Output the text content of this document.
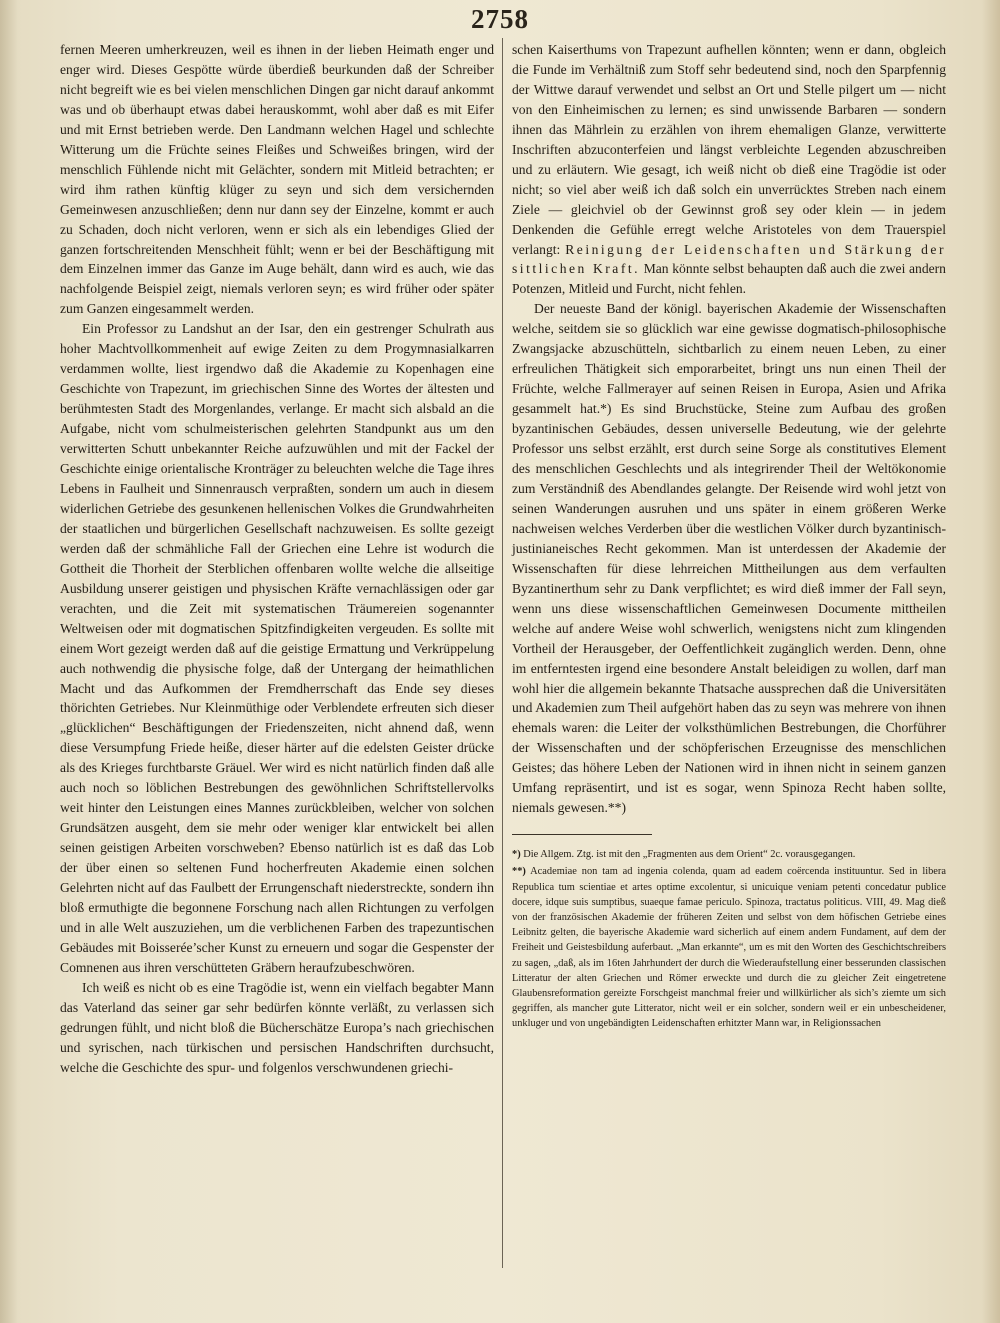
2758

fernen Meeren umherkreuzen, weil es ihnen in der lieben Heimath enger und enger wird. Dieses Gespötte würde überdieß beurkunden daß der Schreiber nicht begreift wie es bei vielen menschlichen Dingen gar nicht darauf ankommt was und ob überhaupt etwas dabei herauskommt, wohl aber daß es mit Eifer und mit Ernst betrieben werde. Den Landmann welchen Hagel und schlechte Witterung um die Früchte seines Fleißes und Schweißes bringen, wird der menschlich Fühlende nicht mit Gelächter, sondern mit Mitleid betrachten; er wird ihm rathen künftig klüger zu seyn und sich dem versichernden Gemeinwesen anzuschließen; denn nur dann sey der Einzelne, kommt er auch zu Schaden, doch nicht verloren, wenn er sich als ein lebendiges Glied der ganzen fortschreitenden Menschheit fühlt; wenn er bei der Beschäftigung mit dem Einzelnen immer das Ganze im Auge behält, dann wird es auch, wie das nachfolgende Beispiel zeigt, niemals verloren seyn; es wird früher oder später zum Ganzen eingesammelt werden.

Ein Professor zu Landshut an der Isar, den ein gestrenger Schulrath aus hoher Machtvollkommenheit auf ewige Zeiten zu dem Progymnasialkarren verdammen wollte, liest irgendwo daß die Akademie zu Kopenhagen eine Geschichte von Trapezunt, im griechischen Sinne des Wortes der ältesten und berühmtesten Stadt des Morgenlandes, verlange. Er macht sich alsbald an die Aufgabe, nicht vom schulmeisterischen gelehrten Standpunkt aus um den verwitterten Schutt unbekannter Reiche aufzuwühlen und mit der Fackel der Geschichte einige orientalische Kronträger zu beleuchten welche die Tage ihres Lebens in Faulheit und Sinnenrausch verpraßten, sondern um auch in diesem widerlichen Getriebe des gesunkenen hellenischen Volkes die Grundwahrheiten der staatlichen und bürgerlichen Gesellschaft nachzuweisen. Es sollte gezeigt werden daß der schmähliche Fall der Griechen eine Lehre ist wodurch die Gottheit die Thorheit der Sterblichen offenbaren wollte welche die allseitige Ausbildung unserer geistigen und physischen Kräfte vernachlässigen oder gar verachten, und die Zeit mit systematischen Träumereien sogenannter Weltweisen oder mit dogmatischen Spitzfindigkeiten vergeuden. Es sollte mit einem Wort gezeigt werden daß auf die geistige Ermattung und Verkrüppelung auch nothwendig die physische folge, daß der Untergang der heimathlichen Macht und das Aufkommen der Fremdherrschaft das Ende sey dieses thörichten Getriebes. Nur Kleinmüthige oder Verblendete erfreuten sich dieser „glücklichen“ Beschäftigungen der Friedenszeiten, nicht ahnend daß, wenn diese Versumpfung Friede heiße, dieser härter auf die edelsten Geister drücke als des Krieges furchtbarste Gräuel. Wer wird es nicht natürlich finden daß alle auch noch so löblichen Bestrebungen des gewöhnlichen Schriftstellervolks weit hinter den Leistungen eines Mannes zurückbleiben, welcher von solchen Grundsätzen ausgeht, dem sie mehr oder weniger klar entwickelt bei allen seinen geistigen Arbeiten vorschweben? Ebenso natürlich ist es daß das Lob der über einen so seltenen Fund hocherfreuten Akademie einen solchen Gelehrten nicht auf das Faulbett der Errungenschaft niederstreckte, sondern ihn bloß ermuthigte die begonnene Forschung nach allen Richtungen zu verfolgen und in alle Welt auszuziehen, um die verblichenen Farben des trapezuntischen Gebäudes mit Boisserée’scher Kunst zu erneuern und sogar die Gespenster der Comnenen aus ihren verschütteten Gräbern heraufzubeschwören.

Ich weiß es nicht ob es eine Tragödie ist, wenn ein vielfach begabter Mann das Vaterland das seiner gar sehr bedürfen könnte verläßt, zu verlassen sich gedrungen fühlt, und nicht bloß die Bücherschätze Europa’s nach griechischen und syrischen, nach türkischen und persischen Handschriften durchsucht, welche die Geschichte des spur- und folgenlos verschwundenen griechi-

schen Kaiserthums von Trapezunt aufhellen könnten; wenn er dann, obgleich die Funde im Verhältniß zum Stoff sehr bedeutend sind, noch den Sparpfennig der Wittwe darauf verwendet und selbst an Ort und Stelle pilgert um — nicht von den Einheimischen zu lernen; es sind unwissende Barbaren — sondern ihnen das Mährlein zu erzählen von ihrem ehemaligen Glanze, verwitterte Inschriften abzuconterfeien und längst verbleichte Legenden abzuschreiben und zu erläutern. Wie gesagt, ich weiß nicht ob dieß eine Tragödie ist oder nicht; so viel aber weiß ich daß solch ein unverrücktes Streben nach einem Ziele — gleichviel ob der Gewinnst groß sey oder klein — in jedem Denkenden die Gefühle erregt welche Aristoteles von dem Trauerspiel verlangt: Reinigung der Leidenschaften und Stärkung der sittlichen Kraft. Man könnte selbst behaupten daß auch die zwei andern Potenzen, Mitleid und Furcht, nicht fehlen.

Der neueste Band der königl. bayerischen Akademie der Wissenschaften welche, seitdem sie so glücklich war eine gewisse dogmatisch-philosophische Zwangsjacke abzuschütteln, sichtbarlich zu einem neuen Leben, zu einer erfreulichen Thätigkeit sich emporarbeitet, bringt uns nun einen Theil der Früchte, welche Fallmerayer auf seinen Reisen in Europa, Asien und Afrika gesammelt hat.*) Es sind Bruchstücke, Steine zum Aufbau des großen byzantinischen Gebäudes, dessen universelle Bedeutung, wie der gelehrte Professor uns selbst erzählt, erst durch seine Sorge als constitutives Element des menschlichen Geschlechts und als integrirender Theil der Weltökonomie zum Verständniß des Abendlandes gelangte. Der Reisende wird wohl jetzt von seinen Wanderungen ausruhen und uns später in einem größeren Werke nachweisen welches Verderben über die westlichen Völker durch byzantinisch-justinianeisches Recht gekommen. Man ist unterdessen der Akademie der Wissenschaften für diese lehrreichen Mittheilungen aus dem verfaulten Byzantinerthum sehr zu Dank verpflichtet; es wird dieß immer der Fall seyn, wenn uns diese wissenschaftlichen Gemeinwesen Documente mittheilen welche auf andere Weise wohl schwerlich, wenigstens nicht zum klingenden Vortheil der Herausgeber, der Oeffentlichkeit zugänglich werden. Denn, ohne im entferntesten irgend eine besondere Anstalt beleidigen zu wollen, darf man wohl hier die allgemein bekannte Thatsache aussprechen daß die Universitäten und Akademien zum Theil aufgehört haben das zu seyn was mehrere von ihnen ehemals waren: die Leiter der volksthümlichen Bestrebungen, die Chorführer der Wissenschaften und der schöpferischen Erzeugnisse des menschlichen Geistes; das höhere Leben der Nationen wird in ihnen nicht in seinem ganzen Umfang repräsentirt, und ist es sogar, wenn Spinoza Recht haben sollte, niemals gewesen.**)

*) Die Allgem. Ztg. ist mit den „Fragmenten aus dem Orient“ 2c. vorausgegangen.

**) Academiae non tam ad ingenia colenda, quam ad eadem coërcenda instituuntur. Sed in libera Republica tum scientiae et artes optime excolentur, si unicuique veniam petenti concedatur publice docere, idque suis sumptibus, suaeque famae periculo. Spinoza, tractatus politicus. VIII, 49. Mag dieß von der französischen Akademie der früheren Zeiten und selbst von dem höfischen Getriebe eines Leibnitz gelten, die bayerische Akademie ward sicherlich auf einem andern Fundament, auf dem der Freiheit und Geistesbildung auferbaut. „Man erkannte“, um es mit den Worten des Geschichtschreibers zu sagen, „daß, als im 16ten Jahrhundert der durch die Wiederaufstellung einer besserunden classischen Litteratur der alten Griechen und Römer erweckte und durch die zu gleicher Zeit eingetretene Glaubensreformation gereizte Forschgeist manchmal freier und willkürlicher als sich’s ziemte um sich gegriffen, als mancher gute Litterator, nicht weil er ein solcher, sondern weil er ein unbescheidener, unkluger und von ungebändigten Leidenschaften erhitzter Mann war, in Religionssachen
